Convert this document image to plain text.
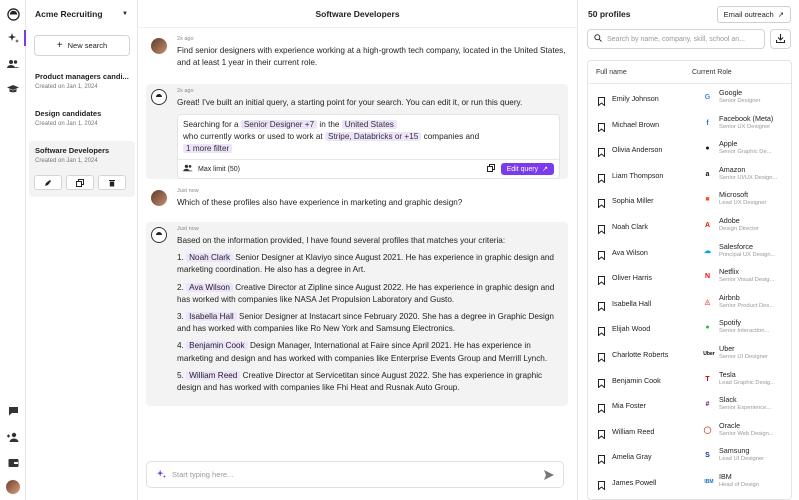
Acme Recruiting	▼
+ New search
Product managers candi...
Created on Jan 1, 2024
Design candidates
Created on Jan 1, 2024
Software Developers
Created on Jan 1, 2024
Software Developers
2s ago
Find senior designers with experience working at a high-growth tech company, located in the United States, and at least 1 year in their current role.
2s ago
Great! I've built an initial query, a starting point for your search. You can edit it, or run this query.
Searching for a Senior Designer +7 in the United States
who currently works or used to work at Stripe, Databricks or +15 companies and
1 more filter
Max limit (50)	Edit query ↗
Just now
Which of these profiles also have experience in marketing and graphic design?
Just now
Based on the information provided, I have found several profiles that matches your criteria:
1. Noah Clark Senior Designer at Klaviyo since August 2021. He has experience in graphic design and marketing coordination. He also has a degree in Art.
2. Ava Wilson Creative Director at Zipline since August 2022. He has experience in graphic design and has worked with companies like NASA Jet Propulsion Laboratory and Gusto.
3. Isabella Hall Senior Designer at Instacart since February 2020. She has a degree in Graphic Design and has worked with companies like Ro New York and Samsung Electronics.
4. Benjamin Cook Design Manager, International at Faire since April 2021. He has experience in marketing and design and has worked with companies like Enterprise Events Group and Merrill Lynch.
5. William Reed Creative Director at Servicetitan since August 2022. She has experience in graphic design and has worked with companies like Fhi Heat and Rusnak Auto Group.
Start typing here...
50 profiles	Email outreach ↗
Search by name, company, skill, school an...
Full name	Current Role
Emily Johnson	G
Google
Senior Designer
Michael Brown	f
Facebook (Meta)
Senior UX Designer
Olivia Anderson	●
Apple
Senior Graphic De...
Liam Thompson	a
Amazon
Senior UI/UX Design...
Sophia Miller	■
Microsoft
Lead UX Designer
Noah Clark	A
Adobe
Design Director
Ava Wilson	☁
Salesforce
Principal UX Design...
Oliver Harris	N
Netflix
Senior Visual Desig...
Isabella Hall	◬
Airbnb
Senior Product Des...
Elijah Wood	●
Spotify
Senior Interaction...
Charlotte Roberts	Uber
Uber
Senior UI Designer
Benjamin Cook	T
Tesla
Lead Graphic Desig...
Mia Foster	#
Slack
Senior Experience...
William Reed	◯
Oracle
Senior Web Design...
Amelia Gray	S
Samsung
Lead UI Designer
James Powell	IBM
IBM
Head of Design
